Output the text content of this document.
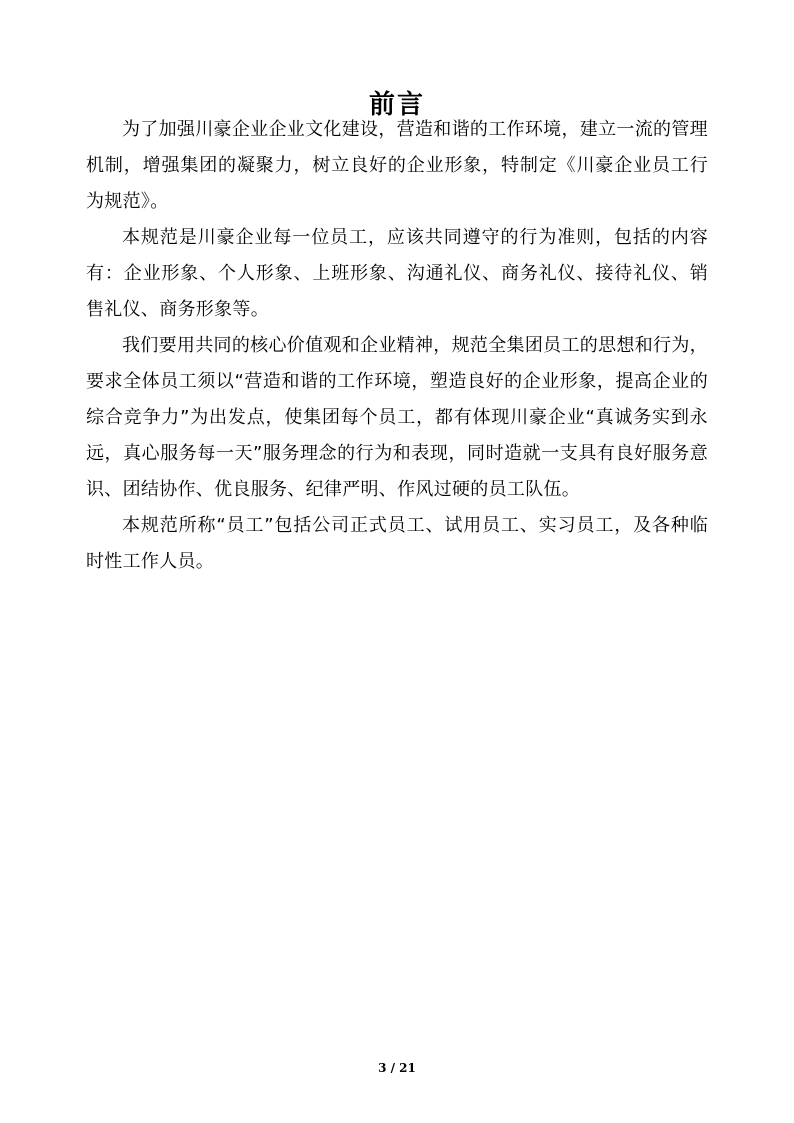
前言

为了加强川豪企业企业文化建设，营造和谐的工作环境，建立一流的管理机制，增强集团的凝聚力，树立良好的企业形象，特制定《川豪企业员工行为规范》。

本规范是川豪企业每一位员工，应该共同遵守的行为准则，包括的内容有：企业形象、个人形象、上班形象、沟通礼仪、商务礼仪、接待礼仪、销售礼仪、商务形象等。

我们要用共同的核心价值观和企业精神，规范全集团员工的思想和行为，要求全体员工须以“营造和谐的工作环境，塑造良好的企业形象，提高企业的综合竞争力”为出发点，使集团每个员工，都有体现川豪企业“真诚务实到永远，真心服务每一天”服务理念的行为和表现，同时造就一支具有良好服务意识、团结协作、优良服务、纪律严明、作风过硬的员工队伍。

本规范所称“员工”包括公司正式员工、试用员工、实习员工，及各种临时性工作人员。

3 / 21
